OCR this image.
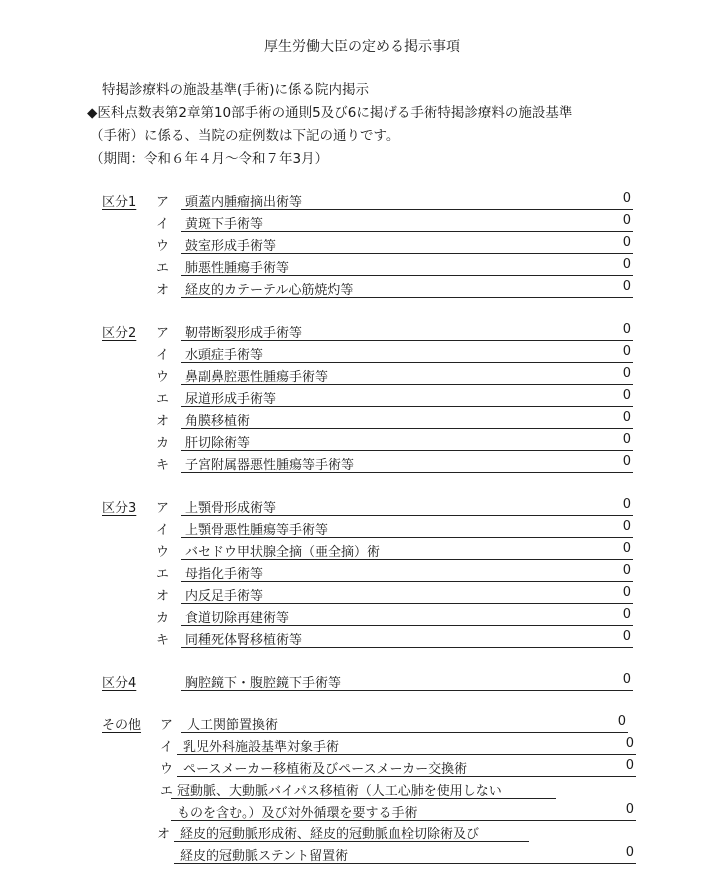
厚生労働大臣の定める掲示事項
特掲診療料の施設基準(手術)に係る院内掲示
◆医科点数表第2章第10部手術の通則5及び6に掲げる手術特掲診療料の施設基準
（手術）に係る、当院の症例数は下記の通りです。
（期間：令和６年４月～令和７年3月）
区分1 ア 頭蓋内腫瘤摘出術等	0
イ 黄斑下手術等	0
ウ 鼓室形成手術等	0
エ 肺悪性腫瘍手術等	0
オ 経皮的カテーテル心筋焼灼等	0
区分2 ア 靭帯断裂形成手術等	0
イ 水頭症手術等	0
ウ 鼻副鼻腔悪性腫瘍手術等	0
エ 尿道形成手術等	0
オ 角膜移植術	0
カ 肝切除術等	0
キ 子宮附属器悪性腫瘍等手術等	0
区分3 ア 上顎骨形成術等	0
イ 上顎骨悪性腫瘍等手術等	0
ウ バセドウ甲状腺全摘（亜全摘）術	0
エ 母指化手術等	0
オ 内反足手術等	0
カ 食道切除再建術等	0
キ 同種死体腎移植術等	0
区分4	胸腔鏡下・腹腔鏡下手術等	0
その他 ア 人工関節置換術	0
イ 乳児外科施設基準対象手術	0
ウ ペースメーカー移植術及びペースメーカー交換術	0
エ 冠動脈、大動脈バイパス移植術（人工心肺を使用しない
ものを含む。）及び対外循環を要する手術	0
オ 経皮的冠動脈形成術、経皮的冠動脈血栓切除術及び
経皮的冠動脈ステント留置術	0
